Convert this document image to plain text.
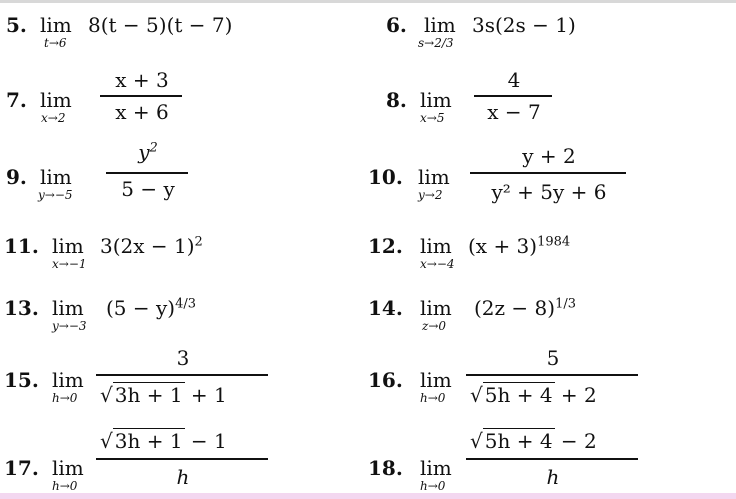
5. lim
t→6
8(t − 5)(t − 7)	6. lim
s→2/3
3s(2s − 1)
7. lim
x→2
x + 3
x + 6	8. lim
x→5
4
x − 7
9. lim
y→−5
$y^2$
5 − y	10. lim
y→2
y + 2
y² + 5y + 6
11. lim
x→−1
$3(2x - 1)^2$	12. lim
x→−4
$(x + 3)^{1984}$
13. lim
y→−3
$(5 - y)^{4/3}$	14. lim
z→0
$(2z - 8)^{1/3}$
15. lim
h→0
3
√ 3h + 1 + 1
16. lim
h→0
5
√ 5h + 4 + 2
17. lim
h→0
√ 3h + 1 − 1
h	18. lim
h→0
√ 5h + 4 − 2
h
